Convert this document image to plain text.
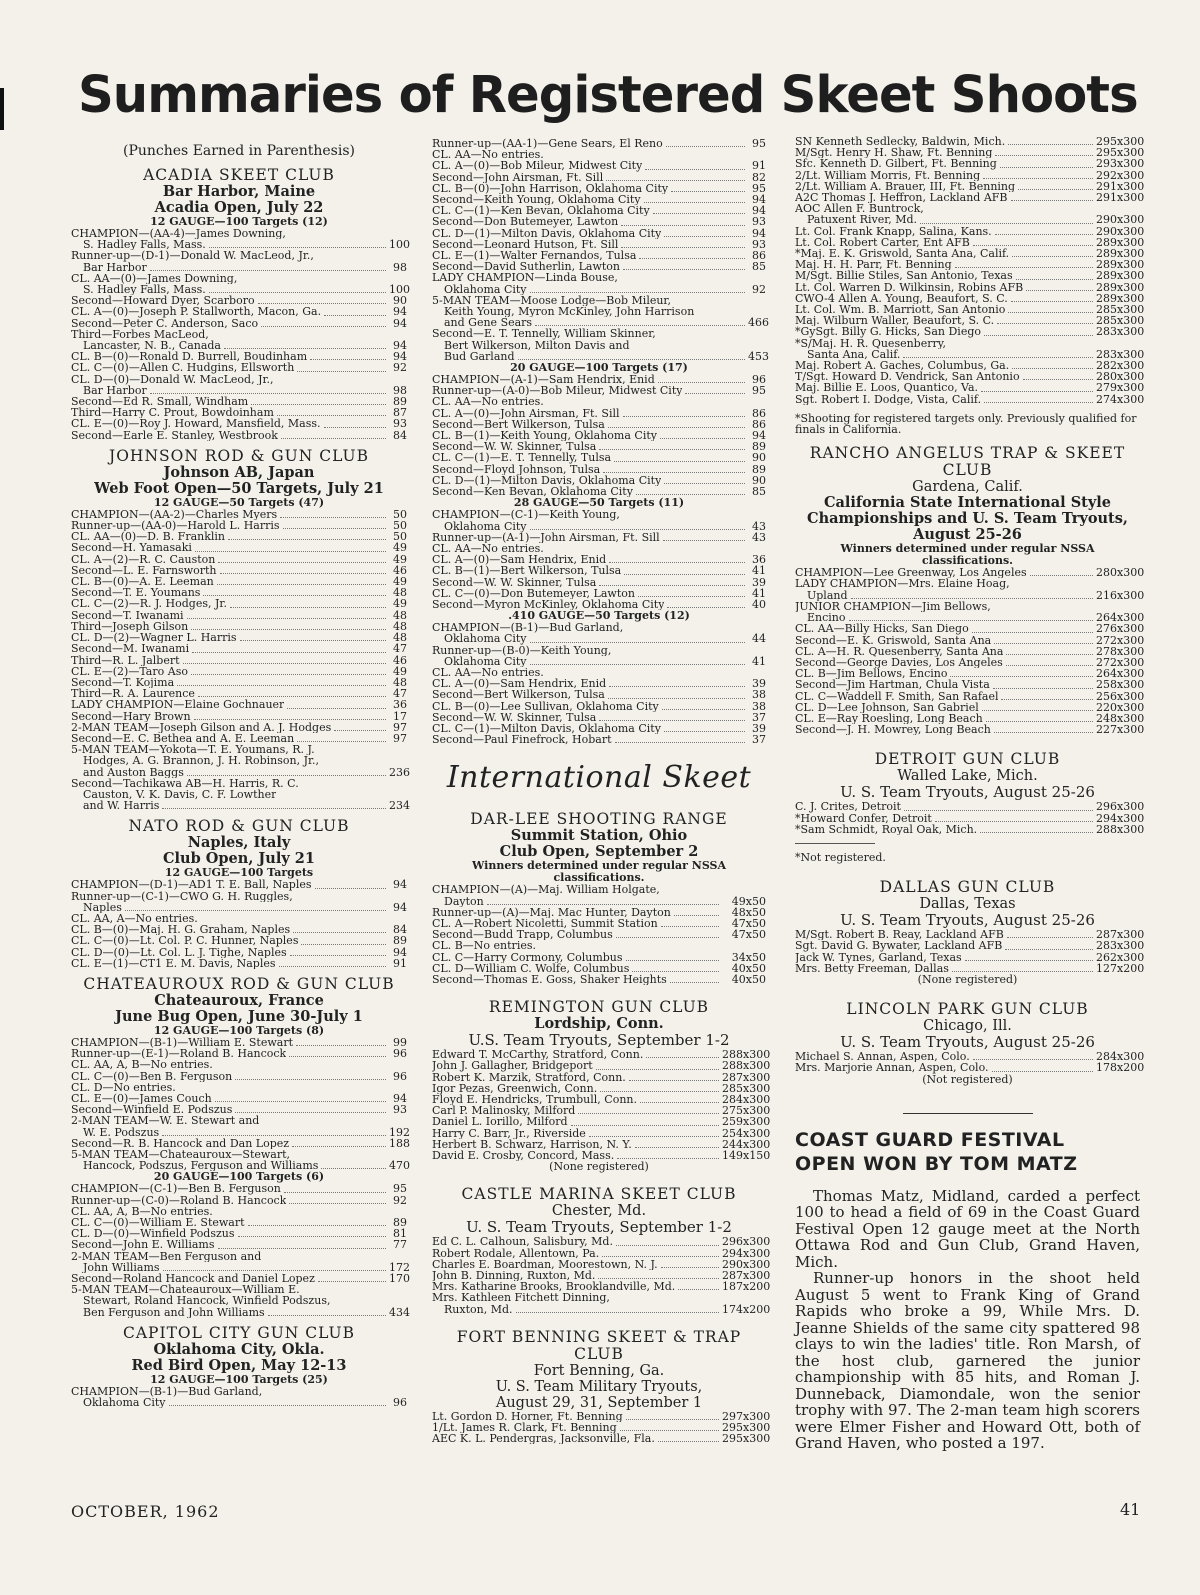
Summaries of Registered Skeet Shoots
(Punches Earned in Parenthesis)
ACADIA SKEET CLUB
Bar Harbor, Maine
Acadia Open, July 22
12 GAUGE—100 Targets (12)
CHAMPION—(AA-4)—James Downing,
S. Hadley Falls, Mass.	100
Runner-up—(D-1)—Donald W. MacLeod, Jr.,
Bar Harbor	98
CL. AA—(0)—James Downing,
S. Hadley Falls, Mass.	100
Second—Howard Dyer, Scarboro	90
CL. A—(0)—Joseph P. Stallworth, Macon, Ga.	94
Second—Peter C. Anderson, Saco	94
Third—Forbes MacLeod,
Lancaster, N. B., Canada	94
CL. B—(0)—Ronald D. Burrell, Boudinham	94
CL. C—(0)—Allen C. Hudgins, Ellsworth	92
CL. D—(0)—Donald W. MacLeod, Jr.,
Bar Harbor	98
Second—Ed R. Small, Windham	89
Third—Harry C. Prout, Bowdoinham	87
CL. E—(0)—Roy J. Howard, Mansfield, Mass.	93
Second—Earle E. Stanley, Westbrook	84
JOHNSON ROD & GUN CLUB
Johnson AB, Japan
Web Foot Open—50 Targets, July 21
12 GAUGE—50 Targets (47)
CHAMPION—(AA-2)—Charles Myers	50
Runner-up—(AA-0)—Harold L. Harris	50
CL. AA—(0)—D. B. Franklin	50
Second—H. Yamasaki	49
CL. A—(2)—R. C. Causton	49
Second—L. E. Farnsworth	46
CL. B—(0)—A. E. Leeman	49
Second—T. E. Youmans	48
CL. C—(2)—R. J. Hodges, Jr.	49
Second—T. Iwanami	48
Third—Joseph Gilson	48
CL. D—(2)—Wagner L. Harris	48
Second—M. Iwanami	47
Third—R. L. Jalbert	46
CL. E—(2)—Taro Aso	49
Second—T. Kojima	48
Third—R. A. Laurence	47
LADY CHAMPION—Elaine Gochnauer	36
Second—Hary Brown	17
2-MAN TEAM—Joseph Gilson and A. J. Hodges	97
Second—E. C. Bethea and A. E. Leeman	97
5-MAN TEAM—Yokota—T. E. Youmans, R. J.
Hodges, A. G. Brannon, J. H. Robinson, Jr.,
and Auston Baggs	236
Second—Tachikawa AB—H. Harris, R. C.
Causton, V. K. Davis, C. F. Lowther
and W. Harris	234
NATO ROD & GUN CLUB
Naples, Italy
Club Open, July 21
12 GAUGE—100 Targets
CHAMPION—(D-1)—AD1 T. E. Ball, Naples	94
Runner-up—(C-1)—CWO G. H. Ruggles,
Naples	94
CL. AA, A—No entries.
CL. B—(0)—Maj. H. G. Graham, Naples	84
CL. C—(0)—Lt. Col. P. C. Hunner, Naples	89
CL. D—(0)—Lt. Col. L. J. Tighe, Naples	94
CL. E—(1)—CT1 E. M. Davis, Naples	91
CHATEAUROUX ROD & GUN CLUB
Chateauroux, France
June Bug Open, June 30-July 1
12 GAUGE—100 Targets (8)
CHAMPION—(B-1)—William E. Stewart	99
Runner-up—(E-1)—Roland B. Hancock	96
CL. AA, A, B—No entries.
CL. C—(0)—Ben B. Ferguson	96
CL. D—No entries.
CL. E—(0)—James Couch	94
Second—Winfield E. Podszus	93
2-MAN TEAM—W. E. Stewart and
W. E. Podszus	192
Second—R. B. Hancock and Dan Lopez	188
5-MAN TEAM—Chateauroux—Stewart,
Hancock, Podszus, Ferguson and Williams	470
20 GAUGE—100 Targets (6)
CHAMPION—(C-1)—Ben B. Ferguson	95
Runner-up—(C-0)—Roland B. Hancock	92
CL. AA, A, B—No entries.
CL. C—(0)—William E. Stewart	89
CL. D—(0)—Winfield Podszus	81
Second—John E. Williams	77
2-MAN TEAM—Ben Ferguson and
John Williams	172
Second—Roland Hancock and Daniel Lopez	170
5-MAN TEAM—Chateauroux—William E.
Stewart, Roland Hancock, Winfield Podszus,
Ben Ferguson and John Williams	434
CAPITOL CITY GUN CLUB
Oklahoma City, Okla.
Red Bird Open, May 12-13
12 GAUGE—100 Targets (25)
CHAMPION—(B-1)—Bud Garland,
Oklahoma City	96
Runner-up—(AA-1)—Gene Sears, El Reno	95
CL. AA—No entries.
CL. A—(0)—Bob Mileur, Midwest City	91
Second—John Airsman, Ft. Sill	82
CL. B—(0)—John Harrison, Oklahoma City	95
Second—Keith Young, Oklahoma City	94
CL. C—(1)—Ken Bevan, Oklahoma City	94
Second—Don Butemeyer, Lawton	93
CL. D—(1)—Milton Davis, Oklahoma City	94
Second—Leonard Hutson, Ft. Sill	93
CL. E—(1)—Walter Fernandos, Tulsa	86
Second—David Sutherlin, Lawton	85
LADY CHAMPION—Linda Bouse,
Oklahoma City	92
5-MAN TEAM—Moose Lodge—Bob Mileur,
Keith Young, Myron McKinley, John Harrison
and Gene Sears	466
Second—E. T. Tennelly, William Skinner,
Bert Wilkerson, Milton Davis and
Bud Garland	453
20 GAUGE—100 Targets (17)
CHAMPION—(A-1)—Sam Hendrix, Enid	96
Runner-up—(A-0)—Bob Mileur, Midwest City	95
CL. AA—No entries.
CL. A—(0)—John Airsman, Ft. Sill	86
Second—Bert Wilkerson, Tulsa	86
CL. B—(1)—Keith Young, Oklahoma City	94
Second—W. W. Skinner, Tulsa	89
CL. C—(1)—E. T. Tennelly, Tulsa	90
Second—Floyd Johnson, Tulsa	89
CL. D—(1)—Milton Davis, Oklahoma City	90
Second—Ken Bevan, Oklahoma City	85
28 GAUGE—50 Targets (11)
CHAMPION—(C-1)—Keith Young,
Oklahoma City	43
Runner-up—(A-1)—John Airsman, Ft. Sill	43
CL. AA—No entries.
CL. A—(0)—Sam Hendrix, Enid	36
CL. B—(1)—Bert Wilkerson, Tulsa	41
Second—W. W. Skinner, Tulsa	39
CL. C—(0)—Don Butemeyer, Lawton	41
Second—Myron McKinley, Oklahoma City	40
.410 GAUGE—50 Targets (12)
CHAMPION—(B-1)—Bud Garland,
Oklahoma City	44
Runner-up—(B-0)—Keith Young,
Oklahoma City	41
CL. AA—No entries.
CL. A—(0)—Sam Hendrix, Enid	39
Second—Bert Wilkerson, Tulsa	38
CL. B—(0)—Lee Sullivan, Oklahoma City	38
Second—W. W. Skinner, Tulsa	37
CL. C—(1)—Milton Davis, Oklahoma City	39
Second—Paul Finefrock, Hobart	37
International Skeet
DAR-LEE SHOOTING RANGE
Summit Station, Ohio
Club Open, September 2
Winners determined under regular NSSA classifications.
CHAMPION—(A)—Maj. William Holgate,
Dayton	49x50
Runner-up—(A)—Maj. Mac Hunter, Dayton	48x50
CL. A—Robert Nicoletti, Summit Station	47x50
Second—Budd Trapp, Columbus	47x50
CL. B—No entries.
CL. C—Harry Cormony, Columbus	34x50
CL. D—William C. Wolfe, Columbus	40x50
Second—Thomas E. Goss, Shaker Heights	40x50
REMINGTON GUN CLUB
Lordship, Conn.
U.S. Team Tryouts, September 1-2
Edward T. McCarthy, Stratford, Conn.	288x300
John J. Gallagher, Bridgeport	288x300
Robert K. Marzik, Stratford, Conn.	287x300
Igor Pezas, Greenwich, Conn.	285x300
Floyd E. Hendricks, Trumbull, Conn.	284x300
Carl P. Malinosky, Milford	275x300
Daniel L. Iorillo, Milford	259x300
Harry C. Barr, Jr., Riverside	254x300
Herbert B. Schwarz, Harrison, N. Y.	244x300
David E. Crosby, Concord, Mass.	149x150
(None registered)
CASTLE MARINA SKEET CLUB
Chester, Md.
U. S. Team Tryouts, September 1-2
Ed C. L. Calhoun, Salisbury, Md.	296x300
Robert Rodale, Allentown, Pa.	294x300
Charles E. Boardman, Moorestown, N. J.	290x300
John B. Dinning, Ruxton, Md.	287x300
Mrs. Katharine Brooks, Brooklandville, Md.	187x200
Mrs. Kathleen Fitchett Dinning,
Ruxton, Md.	174x200
FORT BENNING SKEET & TRAP CLUB
Fort Benning, Ga.
U. S. Team Military Tryouts,
August 29, 31, September 1
Lt. Gordon D. Horner, Ft. Benning	297x300
1/Lt. James R. Clark, Ft. Benning	295x300
AEC K. L. Pendergras, Jacksonville, Fla.	295x300
SN Kenneth Sedlecky, Baldwin, Mich.	295x300
M/Sgt. Henry H. Shaw, Ft. Benning	295x300
Sfc. Kenneth D. Gilbert, Ft. Benning	293x300
2/Lt. William Morris, Ft. Benning	292x300
2/Lt. William A. Brauer, III, Ft. Benning	291x300
A2C Thomas J. Heffron, Lackland AFB	291x300
AOC Allen F. Buntrock,
Patuxent River, Md.	290x300
Lt. Col. Frank Knapp, Salina, Kans.	290x300
Lt. Col. Robert Carter, Ent AFB	289x300
*Maj. E. K. Griswold, Santa Ana, Calif.	289x300
Maj. H. H. Parr, Ft. Benning	289x300
M/Sgt. Billie Stiles, San Antonio, Texas	289x300
Lt. Col. Warren D. Wilkinsin, Robins AFB	289x300
CWO-4 Allen A. Young, Beaufort, S. C.	289x300
Lt. Col. Wm. B. Marriott, San Antonio	285x300
Maj. Wilburn Waller, Beaufort, S. C.	285x300
*GySgt. Billy G. Hicks, San Diego	283x300
*S/Maj. H. R. Quesenberry,
Santa Ana, Calif.	283x300
Maj. Robert A. Gaches, Columbus, Ga.	282x300
T/Sgt. Howard D. Vendrick, San Antonio	280x300
Maj. Billie E. Loos, Quantico, Va.	279x300
Sgt. Robert I. Dodge, Vista, Calif.	274x300
*Shooting for registered targets only. Previously qualified for finals in California.
RANCHO ANGELUS TRAP & SKEET CLUB
Gardena, Calif.
California State International Style Championships and U. S. Team Tryouts, August 25-26
Winners determined under regular NSSA classifications.
CHAMPION—Lee Greenway, Los Angeles	280x300
LADY CHAMPION—Mrs. Elaine Hoag,
Upland	216x300
JUNIOR CHAMPION—Jim Bellows,
Encino	264x300
CL. AA—Billy Hicks, San Diego	276x300
Second—E. K. Griswold, Santa Ana	272x300
CL. A—H. R. Quesenberry, Santa Ana	278x300
Second—George Davies, Los Angeles	272x300
CL. B—Jim Bellows, Encino	264x300
Second—Jim Hartman, Chula Vista	258x300
CL. C—Waddell F. Smith, San Rafael	256x300
CL. D—Lee Johnson, San Gabriel	220x300
CL. E—Ray Roesling, Long Beach	248x300
Second—J. H. Mowrey, Long Beach	227x300
DETROIT GUN CLUB
Walled Lake, Mich.
U. S. Team Tryouts, August 25-26
C. J. Crites, Detroit	296x300
*Howard Confer, Detroit	294x300
*Sam Schmidt, Royal Oak, Mich.	288x300
*Not registered.
DALLAS GUN CLUB
Dallas, Texas
U. S. Team Tryouts, August 25-26
M/Sgt. Robert B. Reay, Lackland AFB	287x300
Sgt. David G. Bywater, Lackland AFB	283x300
Jack W. Tynes, Garland, Texas	262x300
Mrs. Betty Freeman, Dallas	127x200
(None registered)
LINCOLN PARK GUN CLUB
Chicago, Ill.
U. S. Team Tryouts, August 25-26
Michael S. Annan, Aspen, Colo.	284x300
Mrs. Marjorie Annan, Aspen, Colo.	178x200
(Not registered)
COAST GUARD FESTIVAL
OPEN WON BY TOM MATZ

Thomas Matz, Midland, carded a perfect 100 to head a field of 69 in the Coast Guard Festival Open 12 gauge meet at the North Ottawa Rod and Gun Club, Grand Haven, Mich.

Runner-up honors in the shoot held August 5 went to Frank King of Grand Rapids who broke a 99, While Mrs. D. Jeanne Shields of the same city spattered 98 clays to win the ladies' title. Ron Marsh, of the host club, garnered the junior championship with 85 hits, and Roman J. Dunneback, Diamondale, won the senior trophy with 97. The 2-man team high scorers were Elmer Fisher and Howard Ott, both of Grand Haven, who posted a 197.

OCTOBER, 1962	41
